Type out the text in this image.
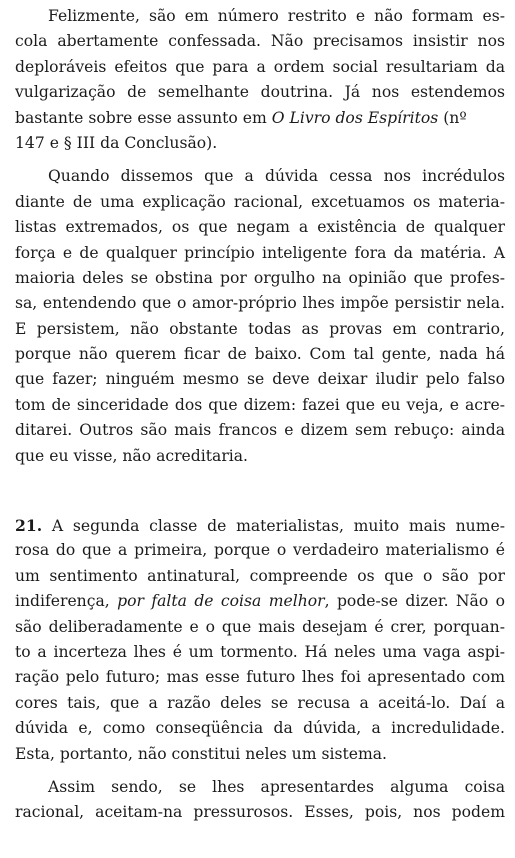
Felizmente, são em número restrito e não formam es-
cola abertamente confessada. Não precisamos insistir nos
deploráveis efeitos que para a ordem social resultariam da
vulgarização de semelhante doutrina. Já nos estendemos
bastante sobre esse assunto em O Livro dos Espíritos (nº
147 e § III da Conclusão).
Quando dissemos que a dúvida cessa nos incrédulos
diante de uma explicação racional, excetuamos os materia-
listas extremados, os que negam a existência de qualquer
força e de qualquer princípio inteligente fora da matéria. A
maioria deles se obstina por orgulho na opinião que profes-
sa, entendendo que o amor-próprio lhes impõe persistir nela.
E persistem, não obstante todas as provas em contrario,
porque não querem ficar de baixo. Com tal gente, nada há
que fazer; ninguém mesmo se deve deixar iludir pelo falso
tom de sinceridade dos que dizem: fazei que eu veja, e acre-
ditarei. Outros são mais francos e dizem sem rebuço: ainda
que eu visse, não acreditaria.
21. A segunda classe de materialistas, muito mais nume-
rosa do que a primeira, porque o verdadeiro materialismo é
um sentimento antinatural, compreende os que o são por
indiferença, por falta de coisa melhor, pode-se dizer. Não o
são deliberadamente e o que mais desejam é crer, porquan-
to a incerteza lhes é um tormento. Há neles uma vaga aspi-
ração pelo futuro; mas esse futuro lhes foi apresentado com
cores tais, que a razão deles se recusa a aceitá-lo. Daí a
dúvida e, como conseqüência da dúvida, a incredulidade.
Esta, portanto, não constitui neles um sistema.
Assim sendo, se lhes apresentardes alguma coisa
racional, aceitam-na pressurosos. Esses, pois, nos podem
